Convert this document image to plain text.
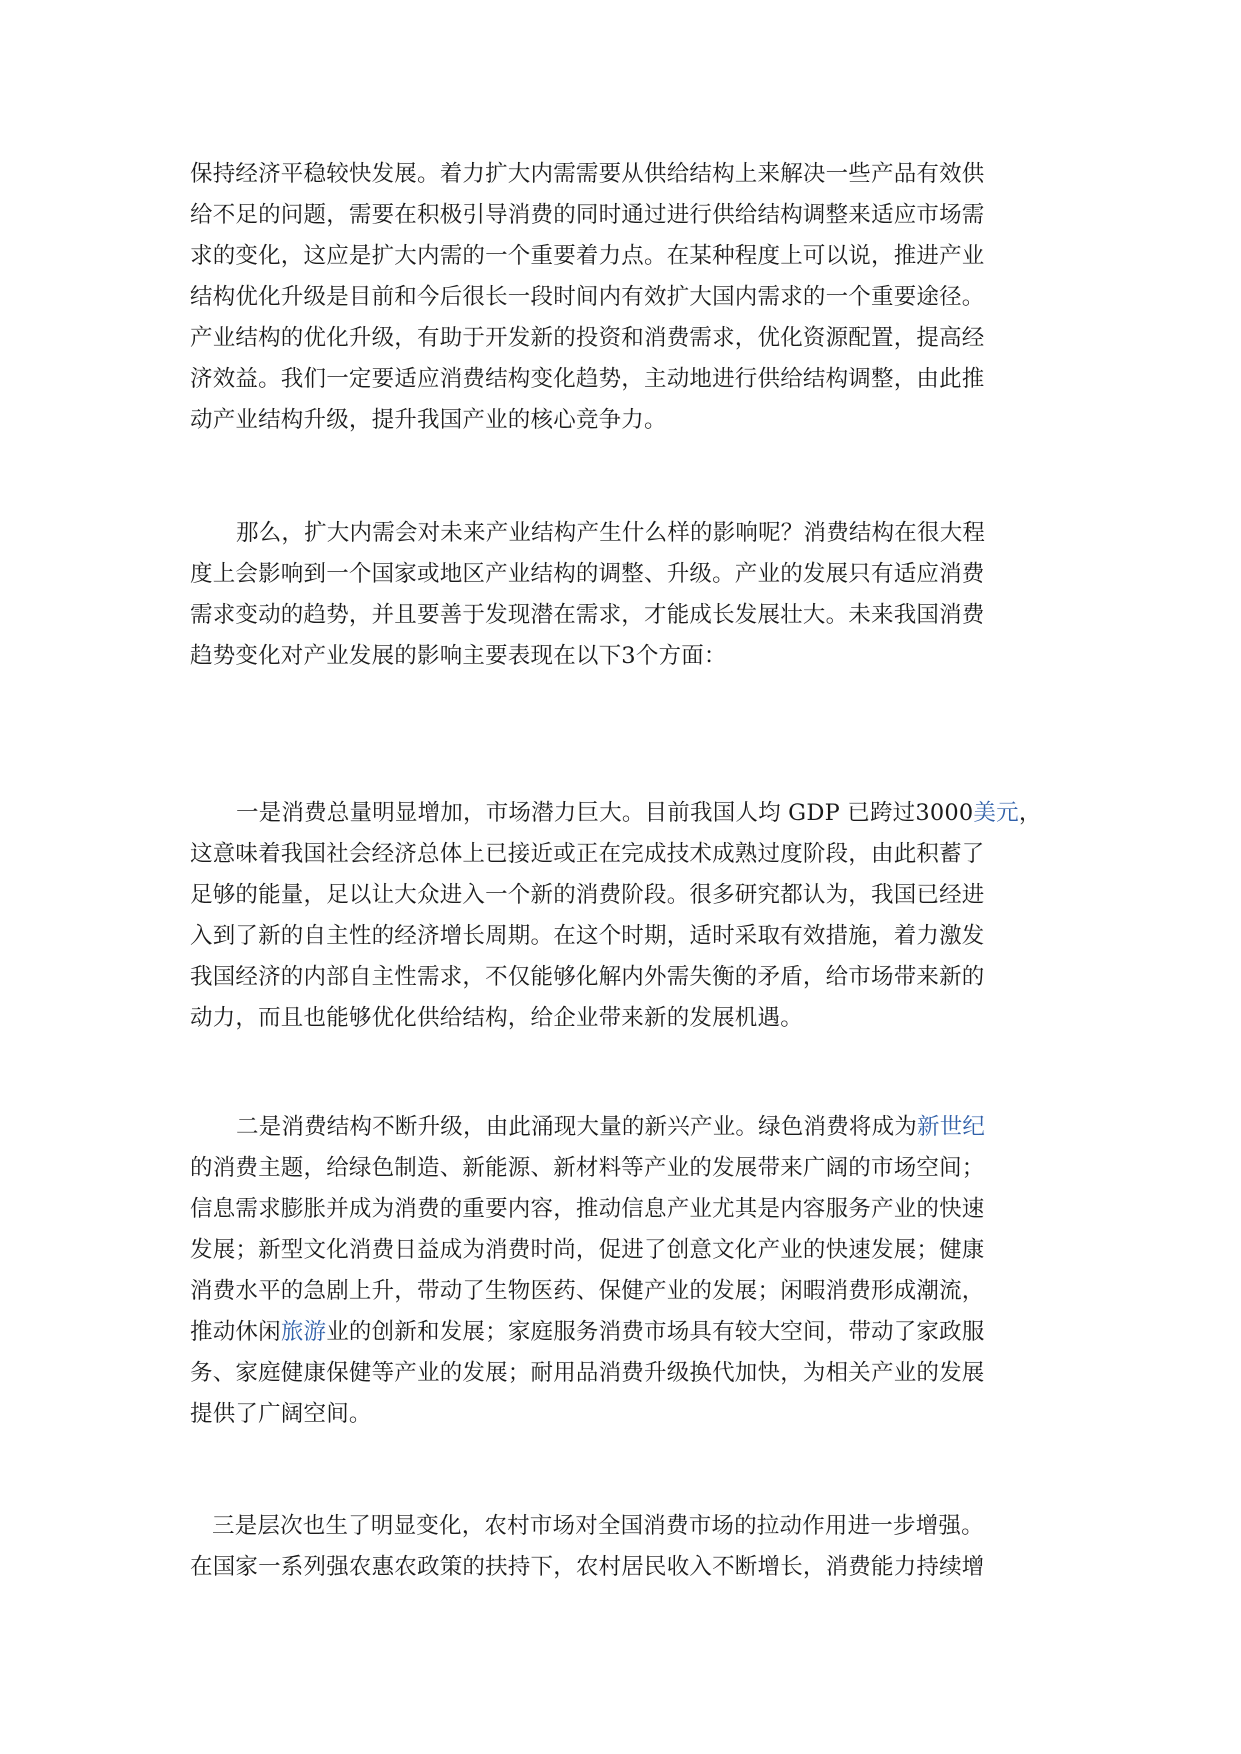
保持经济平稳较快发展。着力扩大内需需要从供给结构上来解决一些产品有效供
给不足的问题，需要在积极引导消费的同时通过进行供给结构调整来适应市场需
求的变化，这应是扩大内需的一个重要着力点。在某种程度上可以说，推进产业
结构优化升级是目前和今后很长一段时间内有效扩大国内需求的一个重要途径。
产业结构的优化升级，有助于开发新的投资和消费需求，优化资源配置，提高经
济效益。我们一定要适应消费结构变化趋势，主动地进行供给结构调整，由此推
动产业结构升级，提升我国产业的核心竞争力。
那么，扩大内需会对未来产业结构产生什么样的影响呢？消费结构在很大程
度上会影响到一个国家或地区产业结构的调整、升级。产业的发展只有适应消费
需求变动的趋势，并且要善于发现潜在需求，才能成长发展壮大。未来我国消费
趋势变化对产业发展的影响主要表现在以下3个方面：
一是消费总量明显增加，市场潜力巨大。目前我国人均 GDP 已跨过3000美元，
这意味着我国社会经济总体上已接近或正在完成技术成熟过度阶段，由此积蓄了
足够的能量，足以让大众进入一个新的消费阶段。很多研究都认为，我国已经进
入到了新的自主性的经济增长周期。在这个时期，适时采取有效措施，着力激发
我国经济的内部自主性需求，不仅能够化解内外需失衡的矛盾，给市场带来新的
动力，而且也能够优化供给结构，给企业带来新的发展机遇。
二是消费结构不断升级，由此涌现大量的新兴产业。绿色消费将成为新世纪
的消费主题，给绿色制造、新能源、新材料等产业的发展带来广阔的市场空间；
信息需求膨胀并成为消费的重要内容，推动信息产业尤其是内容服务产业的快速
发展；新型文化消费日益成为消费时尚，促进了创意文化产业的快速发展；健康
消费水平的急剧上升，带动了生物医药、保健产业的发展；闲暇消费形成潮流，
推动休闲旅游业的创新和发展；家庭服务消费市场具有较大空间，带动了家政服
务、家庭健康保健等产业的发展；耐用品消费升级换代加快，为相关产业的发展
提供了广阔空间。
三是层次也生了明显变化，农村市场对全国消费市场的拉动作用进一步增强。
在国家一系列强农惠农政策的扶持下，农村居民收入不断增长，消费能力持续增
